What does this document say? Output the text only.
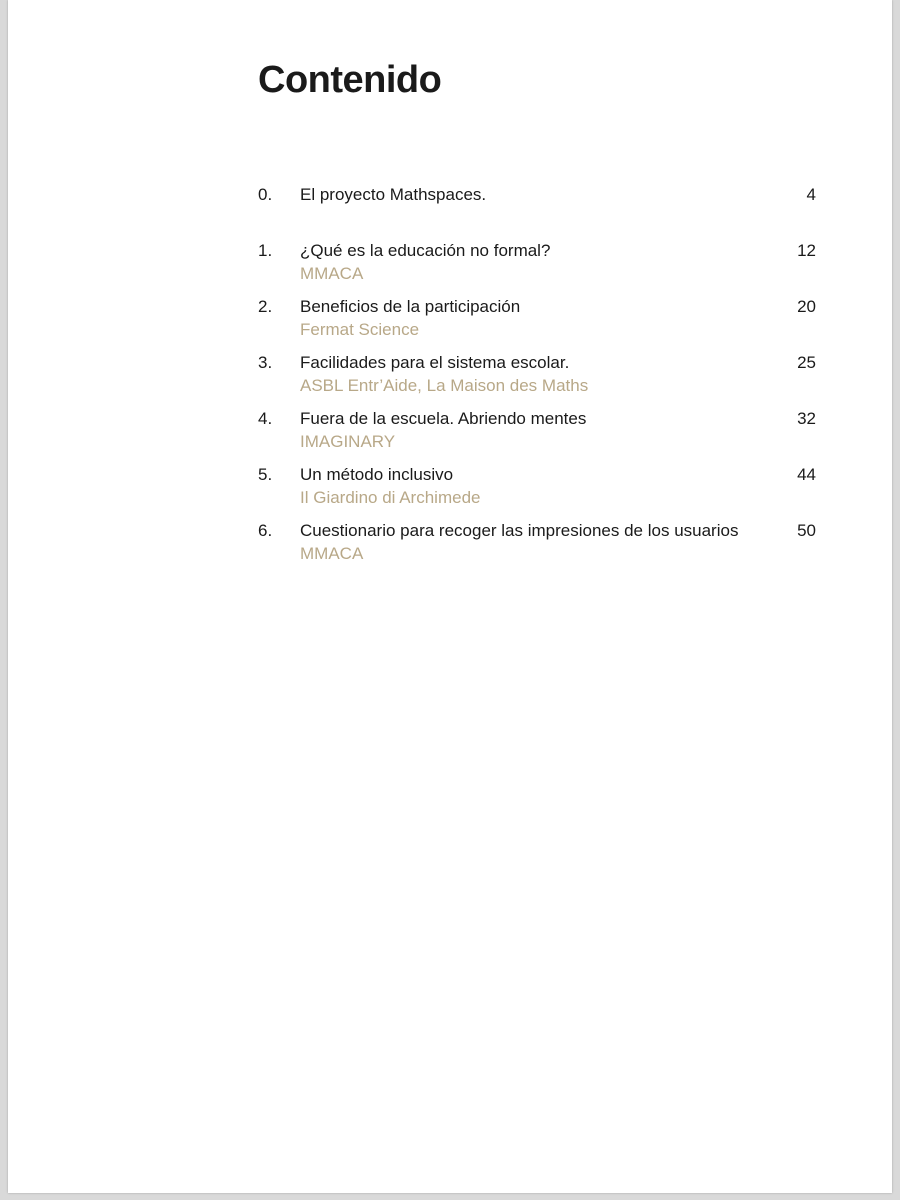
Contenido
0. El proyecto Mathspaces.	4
1. ¿Qué es la educación no formal?
MMACA
12
2. Beneficios de la participación
Fermat Science
20
3. Facilidades para el sistema escolar.
ASBL Entr’Aide, La Maison des Maths
25
4. Fuera de la escuela. Abriendo mentes
IMAGINARY
32
5. Un método inclusivo
Il Giardino di Archimede
44
6. Cuestionario para recoger las impresiones de los usuarios
MMACA
50
